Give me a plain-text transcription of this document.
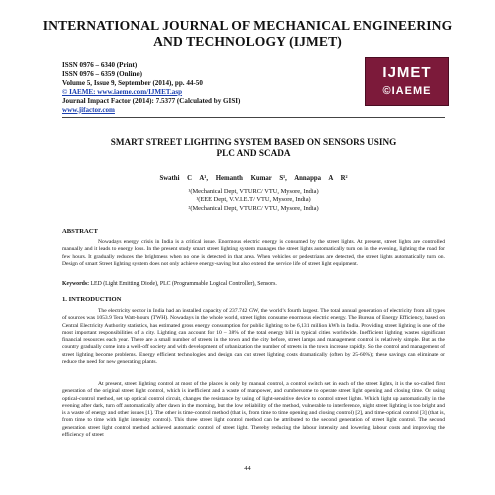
INTERNATIONAL JOURNAL OF MECHANICAL ENGINEERING
AND TECHNOLOGY (IJMET)
ISSN 0976 – 6340 (Print)
ISSN 0976 – 6359 (Online)
Volume 5, Issue 9, September (2014), pp. 44-50
© IAEME: www.iaeme.com/IJMET.asp
Journal Impact Factor (2014): 7.5377 (Calculated by GISI)
www.jifactor.com
IJMET
©IAEME
SMART STREET LIGHTING SYSTEM BASED ON SENSORS USING
PLC AND SCADA
Swathi C A¹, Hemanth Kumar S¹, Annappa A R²
¹(Mechanical Dept, VTURC/ VTU, Mysore, India)
¹(EEE Dept, V.V.I.E.T/ VTU, Mysore, India)
²(Mechanical Dept, VTURC/ VTU, Mysore, India)
ABSTRACT
Nowadays energy crisis in India is a critical issue. Enormous electric energy is consumed by the street lights. At present, street lights are controlled manually and it leads to energy loss. In the present study smart street lighting system manages the street lights automatically turn on in the evening, lighting the road for few hours. It gradually reduces the brightness when no one is detected in that area. When vehicles or pedestrians are detected, the street lights automatically turn on. Design of smart Street lighting system does not only achieve energy-saving but also extend the service life of street light equipment.
Keywords: LED (Light Emitting Diode), PLC (Programmable Logical Controller), Sensors.
1. INTRODUCTION
The electricity sector in India had an installed capacity of 237.742 GW, the world’s fourth largest. The total annual generation of electricity from all types of sources was 1053.9 Tera Watt-hours (TWH). Nowadays in the whole world, street lights consume enormous electric energy. The Bureau of Energy Efficiency, based on Central Electricity Authority statistics, has estimated gross energy consumption for public lighting to be 6,131 million kWh in India. Providing street lighting is one of the most important responsibilities of a city. Lighting can account for 10 – 38% of the total energy bill in typical cities worldwide. Inefficient lighting wastes significant financial resources each year. There are a small number of streets in the town and the city before, street lamps and management control is relatively simple. But as the country gradually come into a well-off society and with development of urbanization the number of streets in the town increase rapidly. So the control and management of street lighting become problems. Energy efficient technologies and design can cut street lighting costs dramatically (often by 25-60%); these savings can eliminate or reduce the need for new generating plants.
At present, street lighting control at most of the places is only by manual control, a control switch set in each of the street lights, it is the so-called first generation of the original street light control, which is inefficient and a waste of manpower, and cumbersome to operate street light opening and closing time. Or using optical-control method, set up optical control circuit, changes the resistance by using of light-sensitive device to control street lights. Which light up automatically in the evening after dark, turn off automatically after dawn in the morning, but the low reliability of the method, vulnerable to interference, night street lighting is too bright and is a waste of energy and other issues [1]. The other is time-control method (that is, from time to time opening and closing control) [2], and time-optical control [3] (that is, from time to time with light intensity control). This three street light control method can be attributed to the second generation of street light control. The second generation street light control method achieved automatic control of street light. Thereby reducing the labour intensity and lowering labour costs and improving the efficiency of street
44
